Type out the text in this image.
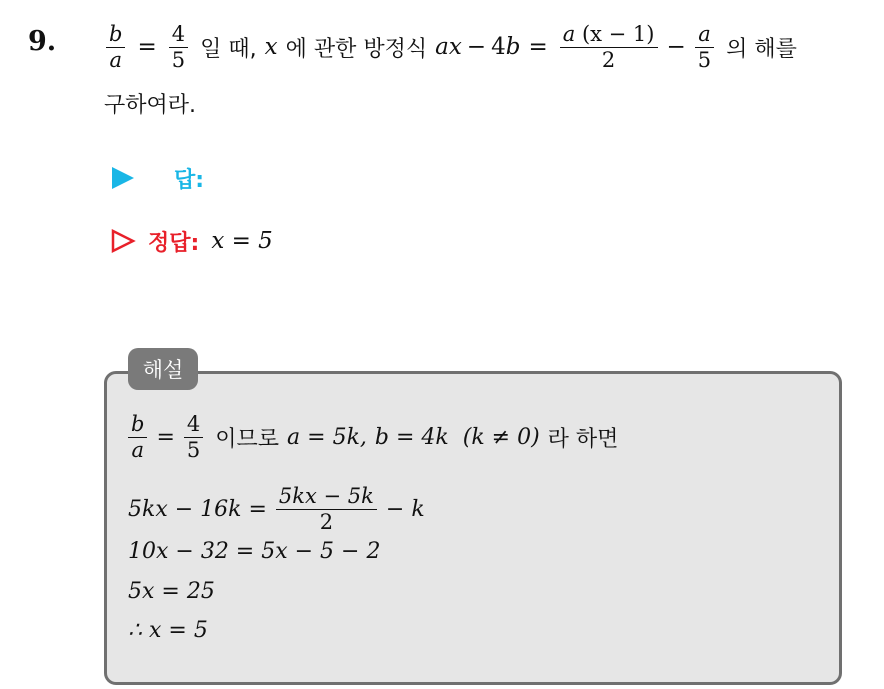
9. $\frac{b}{a} = \frac{4}{5}$ 일 때, x 에 관한 방정식 a x − 4 $b = \frac{a (x - 1)}{2} - \frac{a}{5}$ 의 해를
구하여라.
답:
정답: x = 5
해설
$\frac{b}{a} = \frac{4}{5}$ 이므로 a = 5k, b = 4k (k ≠ 0) 라 하면
$5kx - 16k = \frac{5kx - 5k}{2} - k$
10x − 32 = 5x − 5 − 2
5x = 25
∴ x = 5
